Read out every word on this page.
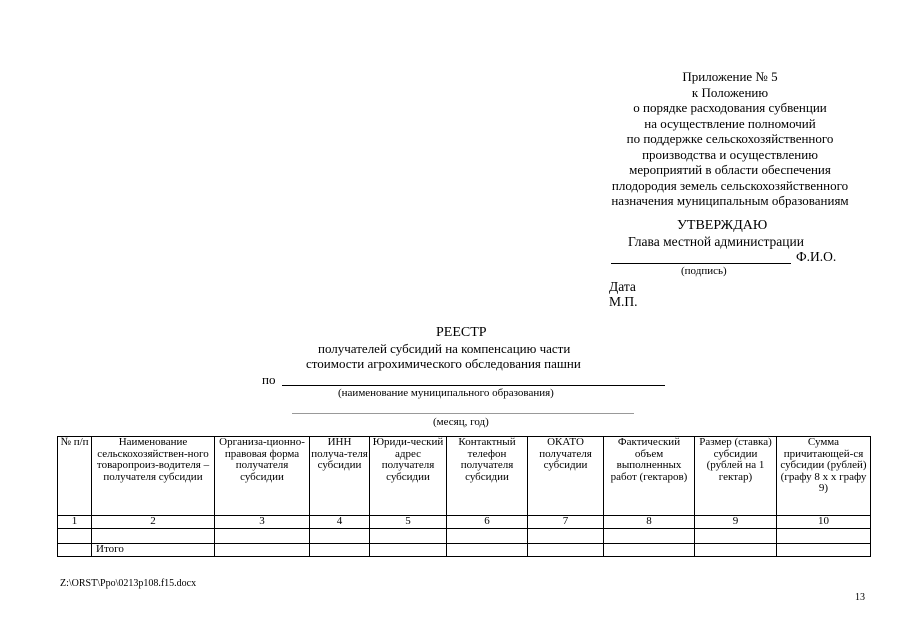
Приложение № 5
к Положению
о порядке расходования субвенции
на осуществление полномочий
по поддержке сельскохозяйственного
производства и осуществлению
мероприятий в области обеспечения
плодородия земель сельскохозяйственного
назначения муниципальным образованиям
УТВЕРЖДАЮ
Глава местной администрации
Ф.И.О.
(подпись)
Дата
М.П.
РЕЕСТР
получателей субсидий на компенсацию части
стоимости агрохимического обследования пашни
по
(наименование муниципального образования)
(месяц, год)
№ п/п	Наименование сельскохозяйствен-ного товаропроиз-водителя – получателя субсидии	Организа-ционно-правовая форма получателя субсидии	ИНН получа-теля субсидии	Юриди-ческий адрес получателя субсидии	Контактный телефон получателя субсидии	ОКАТО получателя субсидии	Фактический объем выполненных работ (гектаров)	Размер (ставка) субсидии (рублей на 1 гектар)	Сумма причитающей-ся субсидии (рублей) (графу 8 х х графу 9)
1	2	3	4	5	6	7	8	9	10

	Итого								
Z:\ORST\Ppo\0213p108.f15.docx
13
